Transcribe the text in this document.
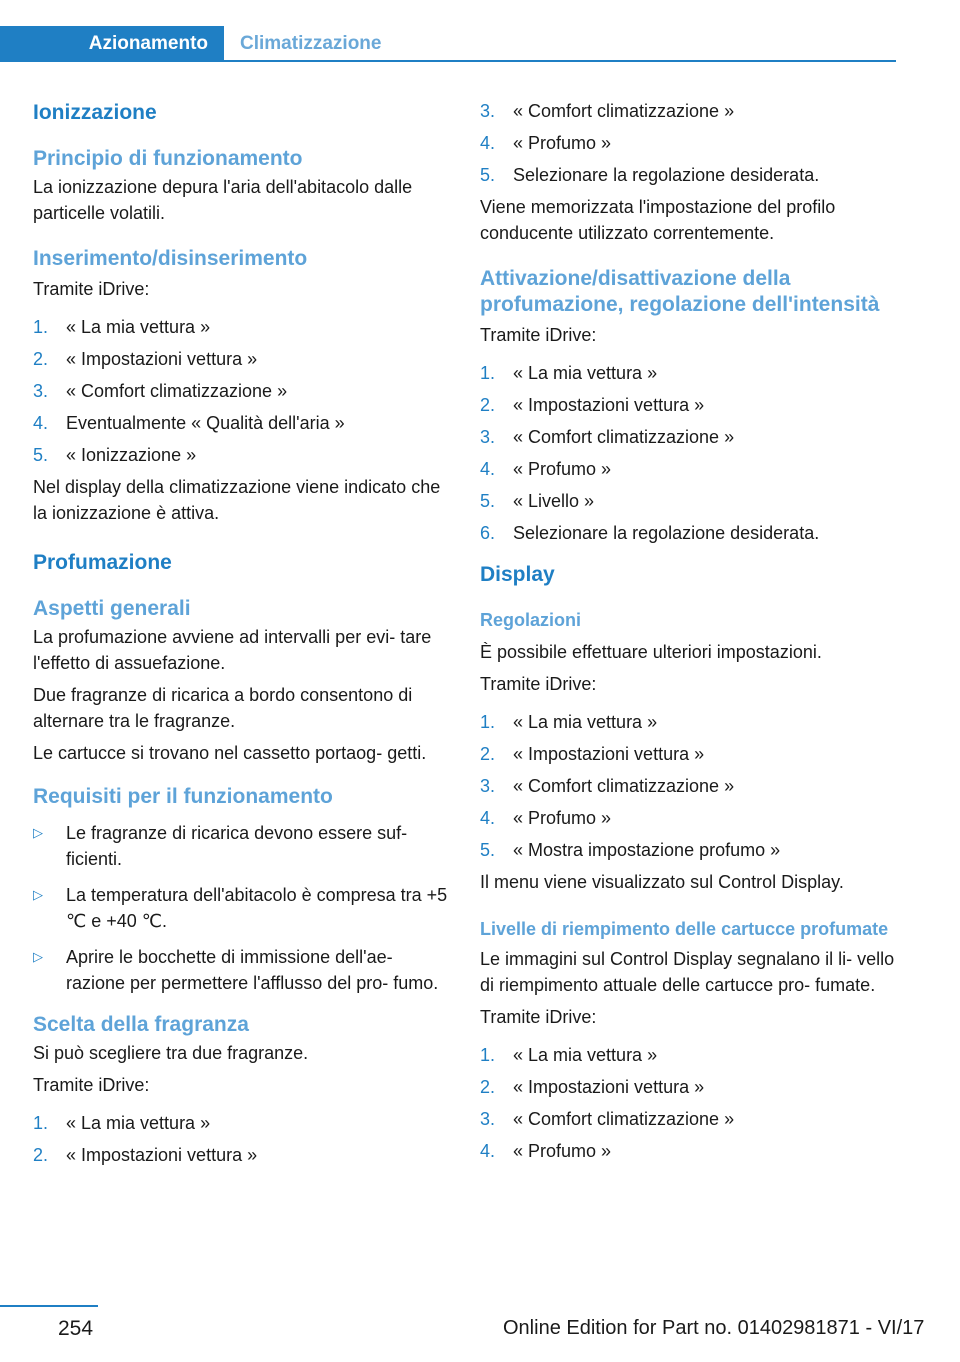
Azionamento	Climatizzazione
Ionizzazione
Principio di funzionamento

La ionizzazione depura l'aria dell'abitacolo dalle particelle volatili.

Inserimento/disinserimento

Tramite iDrive:

1. « La mia vettura »
2. « Impostazioni vettura »
3. « Comfort climatizzazione »
4. Eventualmente « Qualità dell'aria »
5. « Ionizzazione »

Nel display della climatizzazione viene indicato che la ionizzazione è attiva.

Profumazione
Aspetti generali

La profumazione avviene ad intervalli per evi- tare l'effetto di assuefazione.

Due fragranze di ricarica a bordo consentono di alternare tra le fragranze.

Le cartucce si trovano nel cassetto portaog- getti.

Requisiti per il funzionamento
▷	Le fragranze di ricarica devono essere suf- ficienti.
▷	La temperatura dell'abitacolo è compresa tra +5 ℃ e +40 ℃.
▷	Aprire le bocchette di immissione dell'ae- razione per permettere l'afflusso del pro- fumo.
Scelta della fragranza

Si può scegliere tra due fragranze.

Tramite iDrive:

1. « La mia vettura »
2. « Impostazioni vettura »
3. « Comfort climatizzazione »
4. « Profumo »
5. Selezionare la regolazione desiderata.

Viene memorizzata l'impostazione del profilo conducente utilizzato correntemente.

Attivazione/disattivazione della profumazione, regolazione dell'intensità

Tramite iDrive:

1. « La mia vettura »
2. « Impostazioni vettura »
3. « Comfort climatizzazione »
4. « Profumo »
5. « Livello »
6. Selezionare la regolazione desiderata.
Display
Regolazioni

È possibile effettuare ulteriori impostazioni.

Tramite iDrive:

1. « La mia vettura »
2. « Impostazioni vettura »
3. « Comfort climatizzazione »
4. « Profumo »
5. « Mostra impostazione profumo »

Il menu viene visualizzato sul Control Display.

Livelle di riempimento delle cartucce profumate

Le immagini sul Control Display segnalano il li- vello di riempimento attuale delle cartucce pro- fumate.

Tramite iDrive:

1. « La mia vettura »
2. « Impostazioni vettura »
3. « Comfort climatizzazione »
4. « Profumo »
254	Online Edition for Part no. 01402981871 - VI/17
